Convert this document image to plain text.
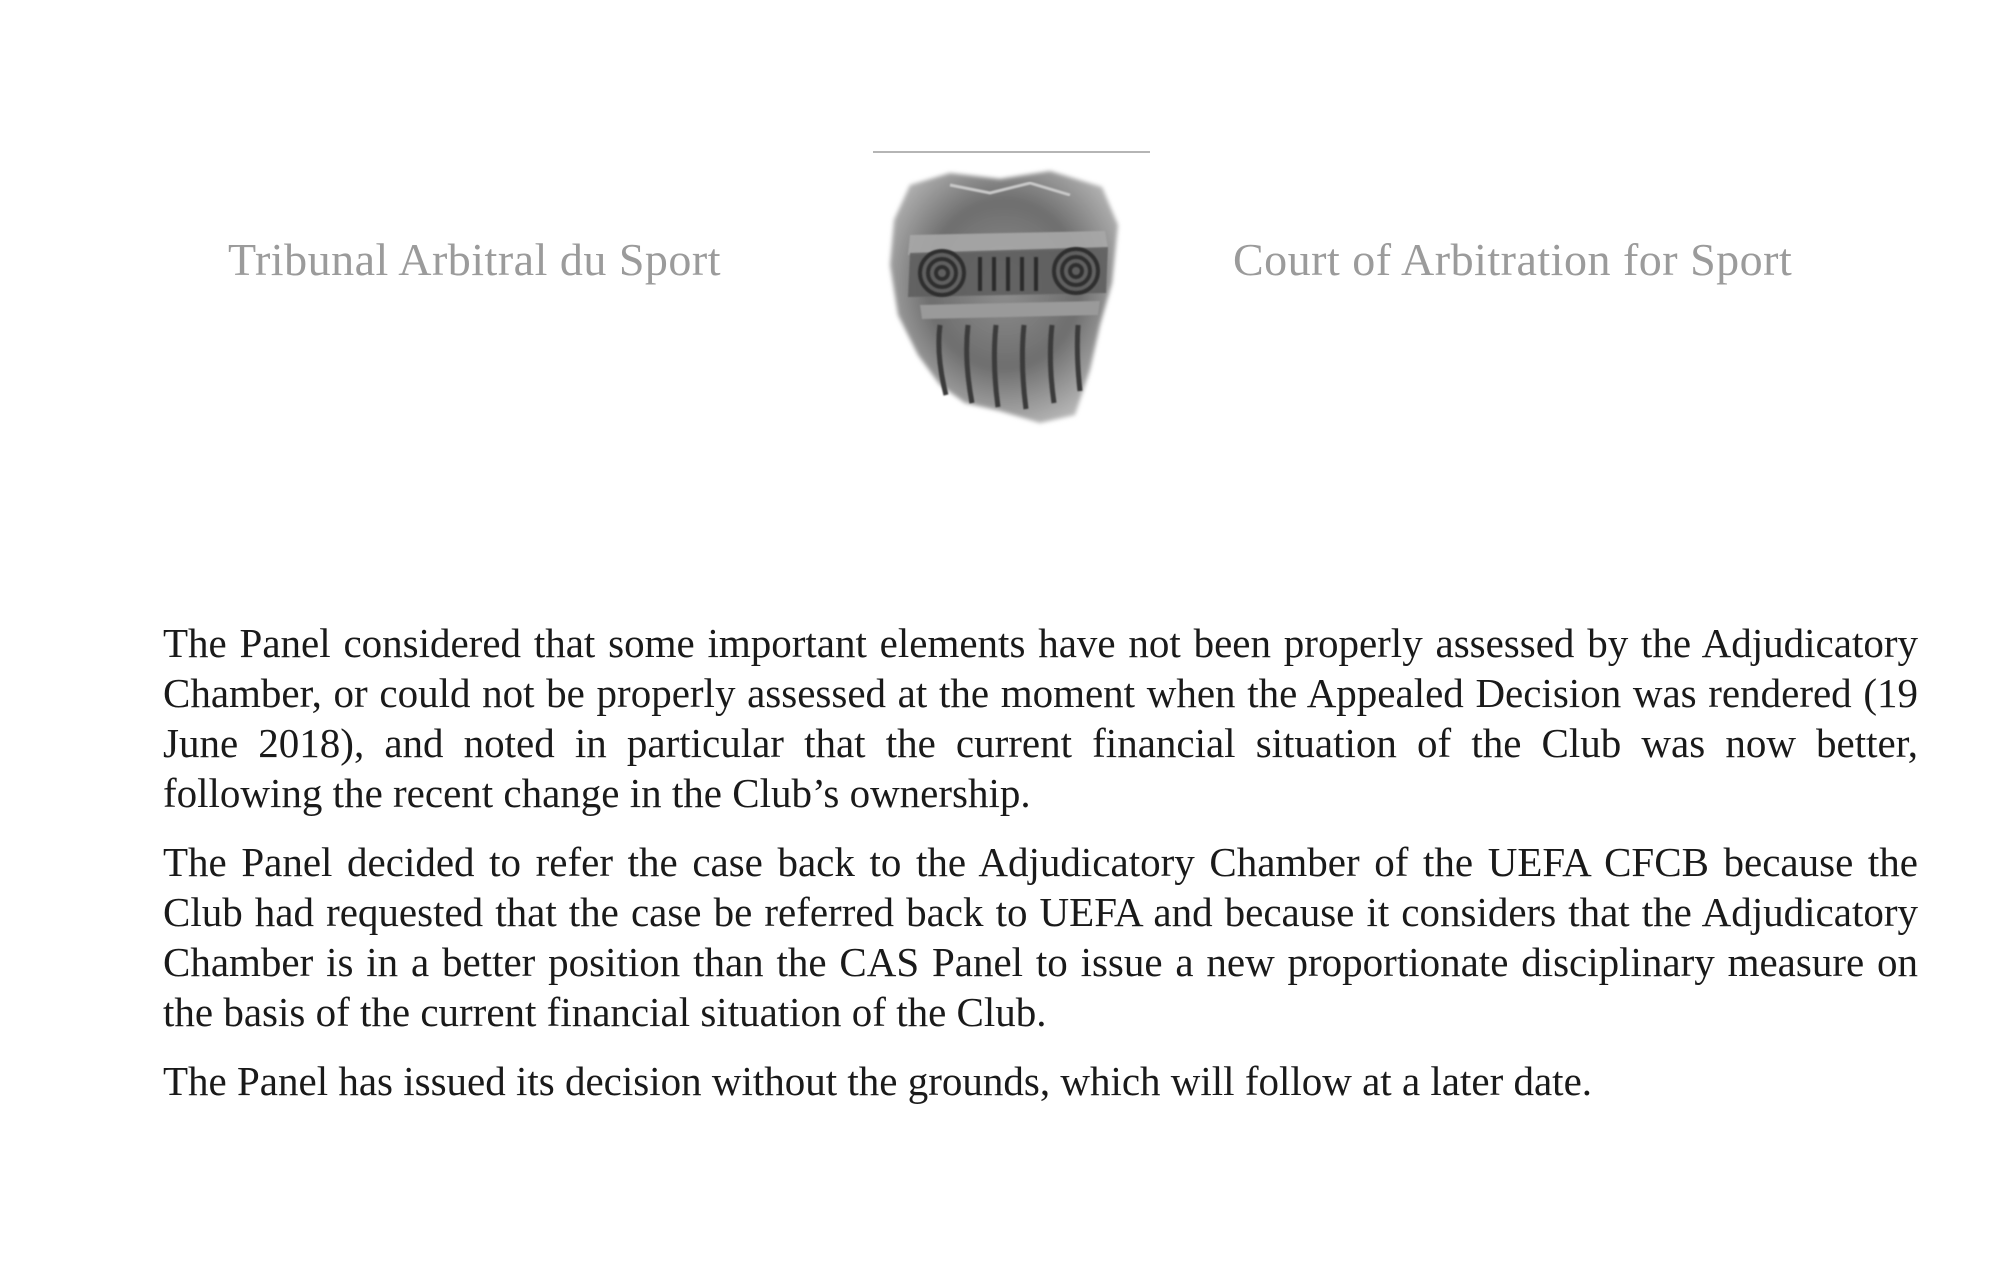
Tribunal Arbitral du Sport	Court of Arbitration for Sport

The Panel considered that some important elements have not been properly assessed by the Adjudicatory Chamber, or could not be properly assessed at the moment when the Appealed Decision was rendered (19 June 2018), and noted in particular that the current financial situation of the Club was now better, following the recent change in the Club’s ownership.

The Panel decided to refer the case back to the Adjudicatory Chamber of the UEFA CFCB because the Club had requested that the case be referred back to UEFA and because it considers that the Adjudicatory Chamber is in a better position than the CAS Panel to issue a new proportionate disciplinary measure on the basis of the current financial situation of the Club.

The Panel has issued its decision without the grounds, which will follow at a later date.
